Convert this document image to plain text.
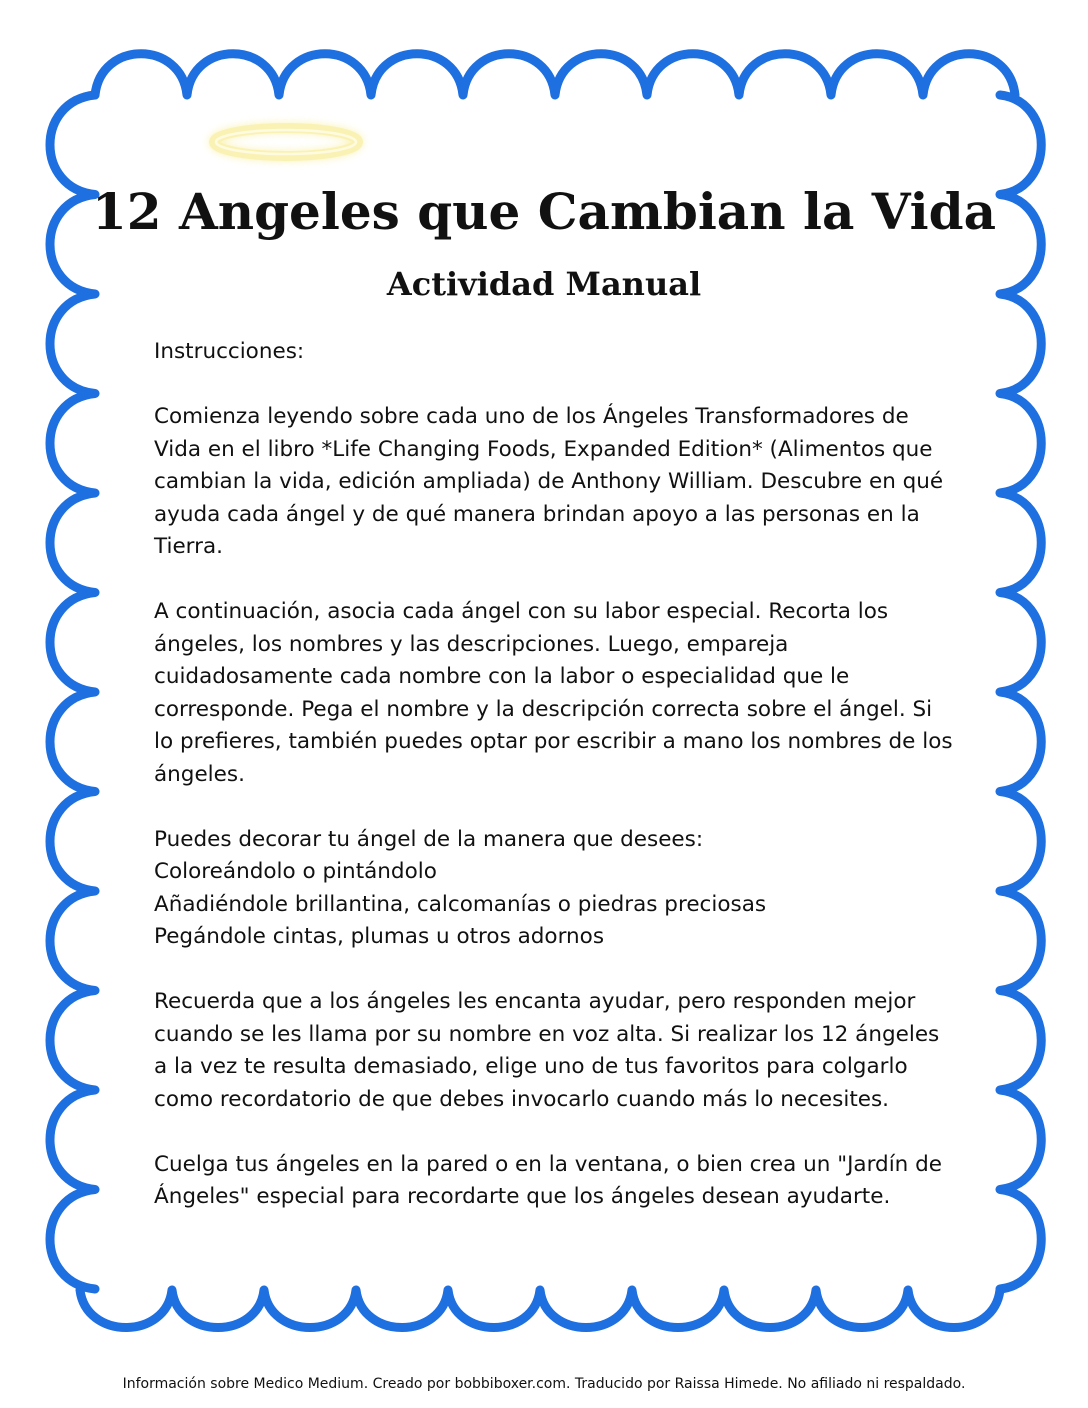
12 Angeles que Cambian la Vida
Actividad Manual

Instrucciones:

Comienza leyendo sobre cada uno de los Ángeles Transformadores de Vida en el libro *Life Changing Foods, Expanded Edition* (Alimentos que cambian la vida, edición ampliada) de Anthony William. Descubre en qué ayuda cada ángel y de qué manera brindan apoyo a las personas en la Tierra.

A continuación, asocia cada ángel con su labor especial. Recorta los ángeles, los nombres y las descripciones. Luego, empareja cuidadosamente cada nombre con la labor o especialidad que le corresponde. Pega el nombre y la descripción correcta sobre el ángel. Si lo prefieres, también puedes optar por escribir a mano los nombres de los ángeles.

Puedes decorar tu ángel de la manera que desees:
Coloreándolo o pintándolo
Añadiéndole brillantina, calcomanías o piedras preciosas
Pegándole cintas, plumas u otros adornos

Recuerda que a los ángeles les encanta ayudar, pero responden mejor cuando se les llama por su nombre en voz alta. Si realizar los 12 ángeles a la vez te resulta demasiado, elige uno de tus favoritos para colgarlo como recordatorio de que debes invocarlo cuando más lo necesites.

Cuelga tus ángeles en la pared o en la ventana, o bien crea un "Jardín de Ángeles" especial para recordarte que los ángeles desean ayudarte.

Información sobre Medico Medium. Creado por bobbiboxer.com. Traducido por Raissa Himede. No afiliado ni respaldado.
